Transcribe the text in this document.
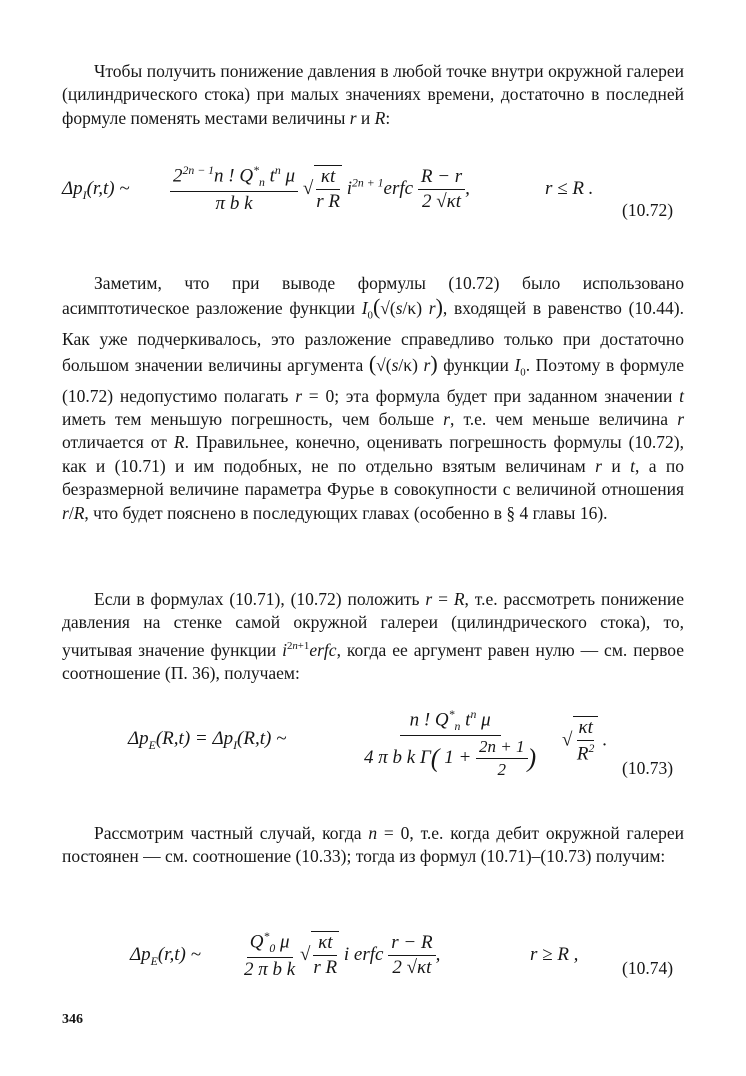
Чтобы получить понижение давления в любой точке внутри окружной галереи (цилиндрического стока) при малых значениях времени, достаточно в последней формуле поменять местами величины r и R:

$\Delta p_I(r,t)$ ~ $\frac{2^{2n - 1}n ! Q^*_n t^n \mu}{\text{π b k}}$ √ $\frac{\kappa t}{\text{r R}}$ $i^{2n + 1}erfc \frac{R - r}{2 √\kappa t}$ ,	r ≤ R .
(10.72)

Заметим, что при выводе формулы (10.72) было использовано асимптотическое разложение функции $I_0(√(s/\kappa)$ r), входящей в равенство (10.44). Как уже подчеркивалось, это разложение справедливо только при достаточно большом значении величины аргумента (√(s/κ) r) функции $I_0$. Поэтому в формуле (10.72) недопустимо полагать r = 0; эта формула будет при заданном значении t иметь тем меньшую погрешность, чем больше r, т.е. чем меньше величина r отличается от R. Правильнее, конечно, оценивать погрешность формулы (10.72), как и (10.71) и им подобных, не по отдельно взятым величинам r и t, а по безразмерной величине параметра Фурье в совокупности с величиной отношения r/R, что будет пояснено в последующих главах (особенно в § 4 главы 16).

Если в формулах (10.71), (10.72) положить r = R, т.е. рассмотреть понижение давления на стенке самой окружной галереи (цилиндрического стока), то, учитывая значение функции $i^{2n+1}erfc$, когда ее аргумент равен нулю — см. первое соотношение (П. 36), получаем:

$\Delta p_E(R,t) = \Delta p_I(R,t)$ ~	$\frac{n ! Q^*_n t^n \mu}{4 \pi b k \Gamma( 1 + \frac{2n + 1}{2} )}$ √ $\frac{\kappa t}{R^2}$ .
(10.73)

Рассмотрим частный случай, когда n = 0, т.е. когда дебит окружной галереи постоянен — см. соотношение (10.33); тогда из формул (10.71)–(10.73) получим:

$\Delta p_E(r,t)$ ~ $\frac{Q^*_0 \mu}{\text{2 π b k}}$ √ $\frac{\kappa t}{\text{r R}}$ i erfc $\frac{r - R}{2 √\kappa t}$ ,	r ≥ R ,
(10.74)
346
